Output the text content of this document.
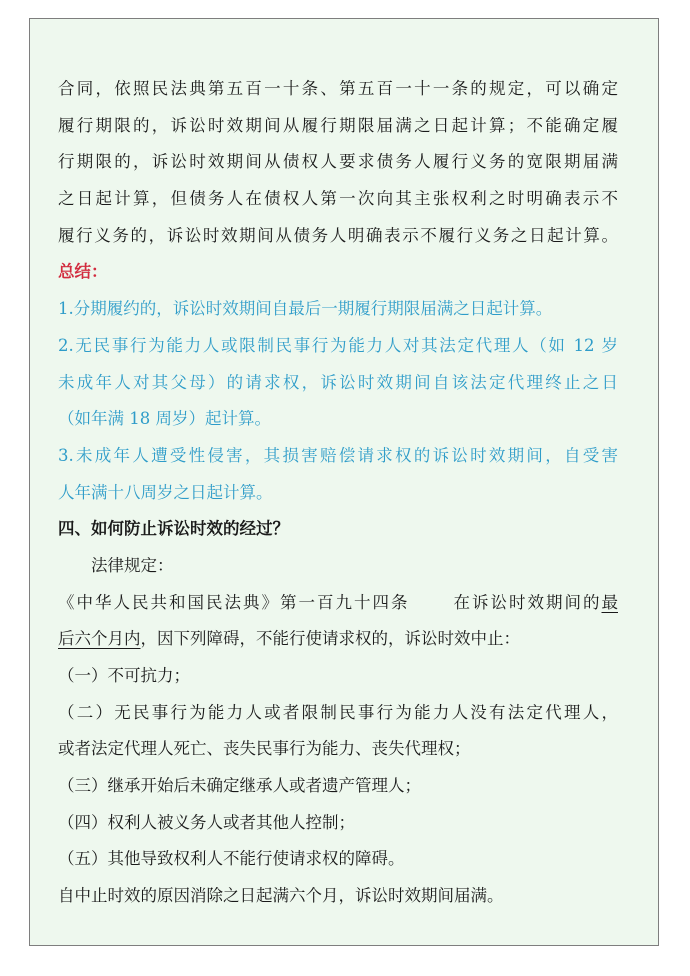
合同，依照民法典第五百一十条、第五百一十一条的规定，可以确定
履行期限的，诉讼时效期间从履行期限届满之日起计算；不能确定履
行期限的，诉讼时效期间从债权人要求债务人履行义务的宽限期届满
之日起计算，但债务人在债权人第一次向其主张权利之时明确表示不
履行义务的，诉讼时效期间从债务人明确表示不履行义务之日起计算。
总结：
1.分期履约的，诉讼时效期间自最后一期履行期限届满之日起计算。
2.无民事行为能力人或限制民事行为能力人对其法定代理人（如 12 岁
未成年人对其父母）的请求权，诉讼时效期间自该法定代理终止之日
（如年满 18 周岁）起计算。
3.未成年人遭受性侵害，其损害赔偿请求权的诉讼时效期间，自受害
人年满十八周岁之日起计算。
四、如何防止诉讼时效的经过？
法律规定：
《中华人民共和国民法典》第一百九十四条	在诉讼时效期间的最
后六个月内，因下列障碍，不能行使请求权的，诉讼时效中止：
（一）不可抗力；
（二）无民事行为能力人或者限制民事行为能力人没有法定代理人，
或者法定代理人死亡、丧失民事行为能力、丧失代理权；
（三）继承开始后未确定继承人或者遗产管理人；
（四）权利人被义务人或者其他人控制；
（五）其他导致权利人不能行使请求权的障碍。
自中止时效的原因消除之日起满六个月，诉讼时效期间届满。
